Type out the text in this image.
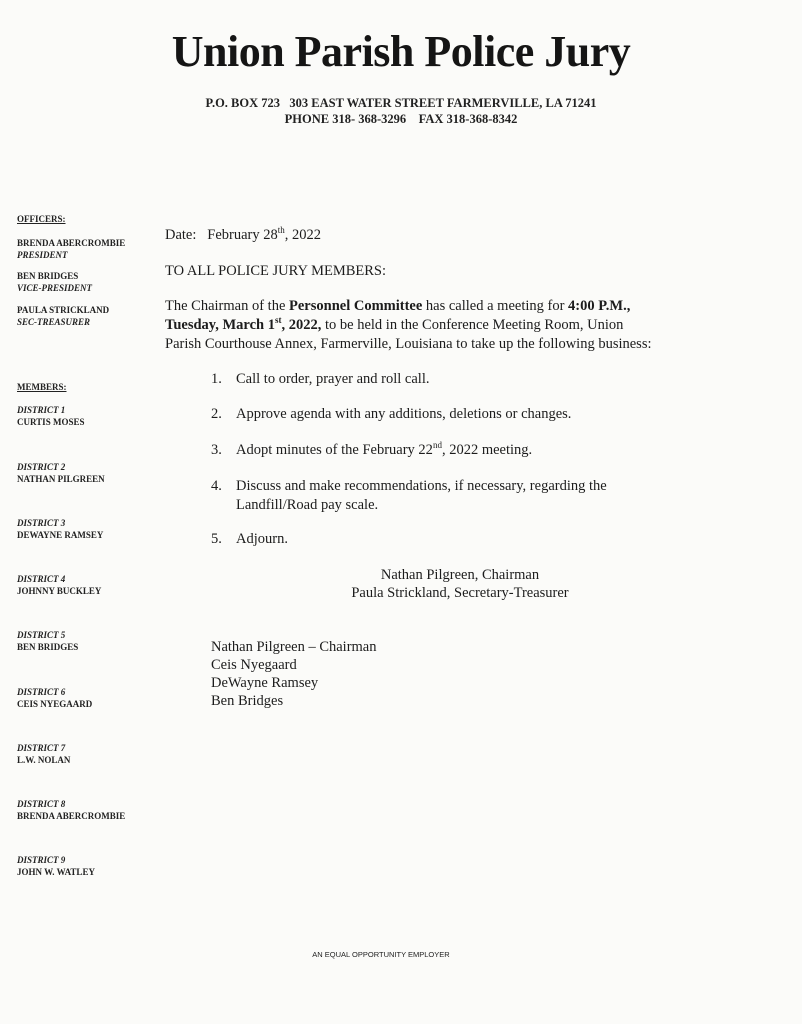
Union Parish Police Jury
P.O. BOX 723   303 EAST WATER STREET FARMERVILLE, LA 71241
PHONE 318- 368-3296    FAX 318-368-8342
OFFICERS:
BRENDA ABERCROMBIE
PRESIDENT
BEN BRIDGES
VICE-PRESIDENT
PAULA STRICKLAND
SEC-TREASURER
MEMBERS:
DISTRICT 1
CURTIS MOSES
DISTRICT 2
NATHAN PILGREEN
DISTRICT 3
DEWAYNE RAMSEY
DISTRICT 4
JOHNNY BUCKLEY
DISTRICT 5
BEN BRIDGES
DISTRICT 6
CEIS NYEGAARD
DISTRICT 7
L.W. NOLAN
DISTRICT 8
BRENDA ABERCROMBIE
DISTRICT 9
JOHN W. WATLEY
Date: February 28th, 2022
TO ALL POLICE JURY MEMBERS:
The Chairman of the Personnel Committee has called a meeting for 4:00 P.M.,
Tuesday, March 1st, 2022, to be held in the Conference Meeting Room, Union
Parish Courthouse Annex, Farmerville, Louisiana to take up the following business:
1. Call to order, prayer and roll call.
2. Approve agenda with any additions, deletions or changes.
3. Adopt minutes of the February 22nd, 2022 meeting.
4. Discuss and make recommendations, if necessary, regarding the
Landfill/Road pay scale.
5. Adjourn.
Nathan Pilgreen, Chairman
Paula Strickland, Secretary-Treasurer
Nathan Pilgreen – Chairman
Ceis Nyegaard
DeWayne Ramsey
Ben Bridges
AN EQUAL OPPORTUNITY EMPLOYER
